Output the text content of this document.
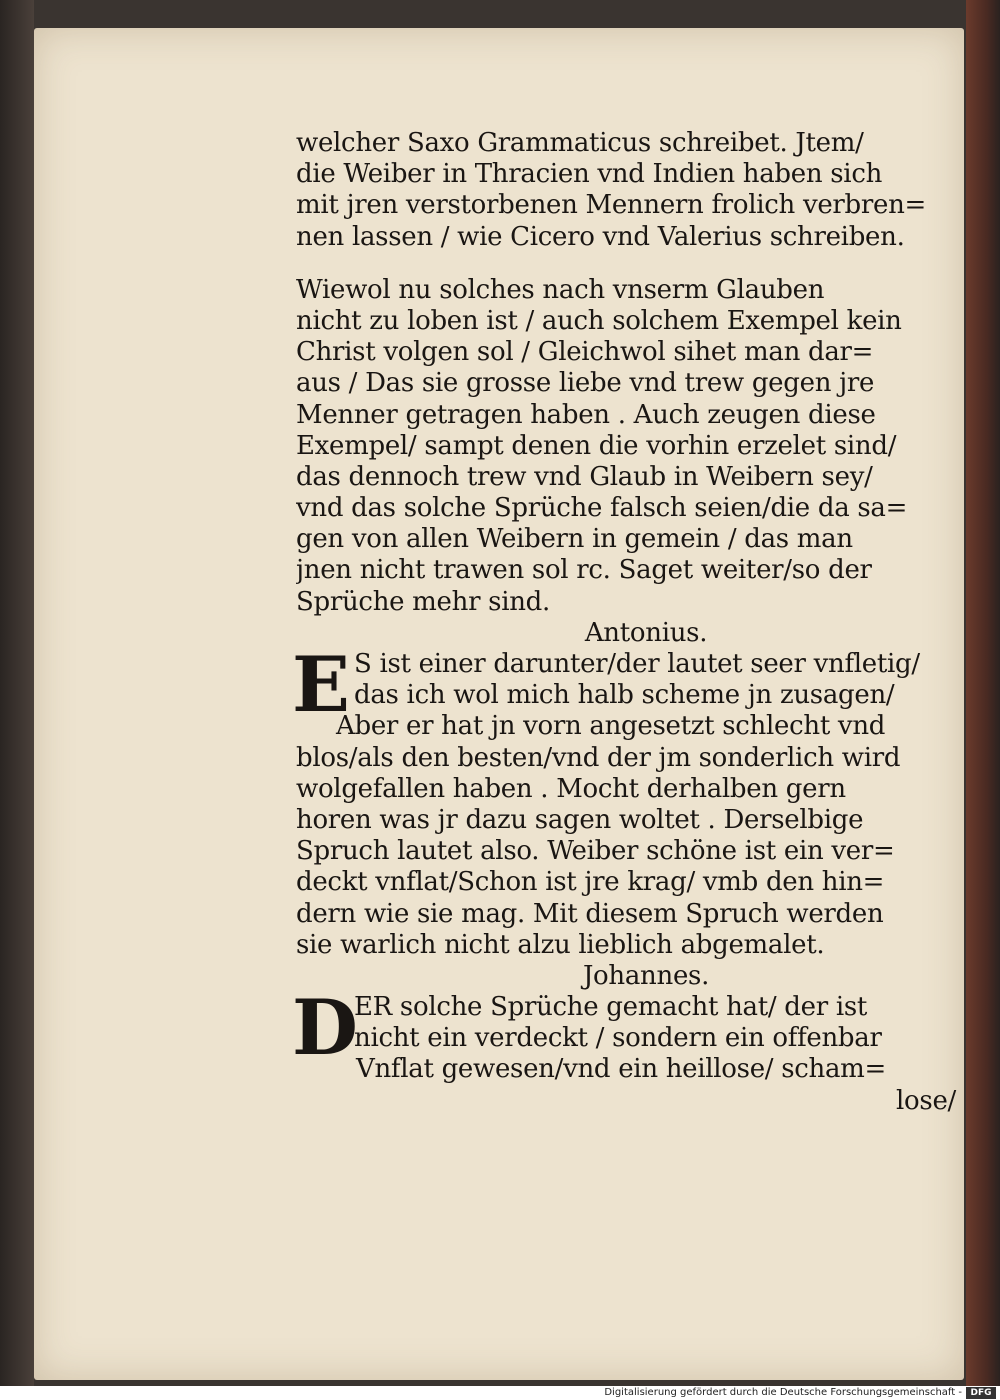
welcher Saxo Grammaticus schreibet. Jtem/
die Weiber in Thracien vnd Indien haben sich
mit jren verstorbenen Mennern frolich verbren=
nen lassen / wie Cicero vnd Valerius schreiben.
Wiewol nu solches nach vnserm Glauben
nicht zu loben ist / auch solchem Exempel kein
Christ volgen sol / Gleichwol sihet man dar=
aus / Das sie grosse liebe vnd trew gegen jre
Menner getragen haben . Auch zeugen diese
Exempel/ sampt denen die vorhin erzelet sind/
das dennoch trew vnd Glaub in Weibern sey/
vnd das solche Sprüche falsch seien/die da sa=
gen von allen Weibern in gemein / das man
jnen nicht trawen sol rc. Saget weiter/so der
Sprüche mehr sind.
Antonius.
E S ist einer darunter/der lautet seer vnfletig/
das ich wol mich halb scheme jn zusagen/
Aber er hat jn vorn angesetzt schlecht vnd
blos/als den besten/vnd der jm sonderlich wird
wolgefallen haben . Mocht derhalben gern
horen was jr dazu sagen woltet . Derselbige
Spruch lautet also. Weiber schöne ist ein ver=
deckt vnflat/Schon ist jre krag/ vmb den hin=
dern wie sie mag. Mit diesem Spruch werden
sie warlich nicht alzu lieblich abgemalet.
Johannes.
D
ER solche Sprüche gemacht hat/ der ist
nicht ein verdeckt / sondern ein offenbar
Vnflat gewesen/vnd ein heillose/ scham=
lose/
Digitalisierung gefördert durch die Deutsche Forschungsgemeinschaft - DFG
